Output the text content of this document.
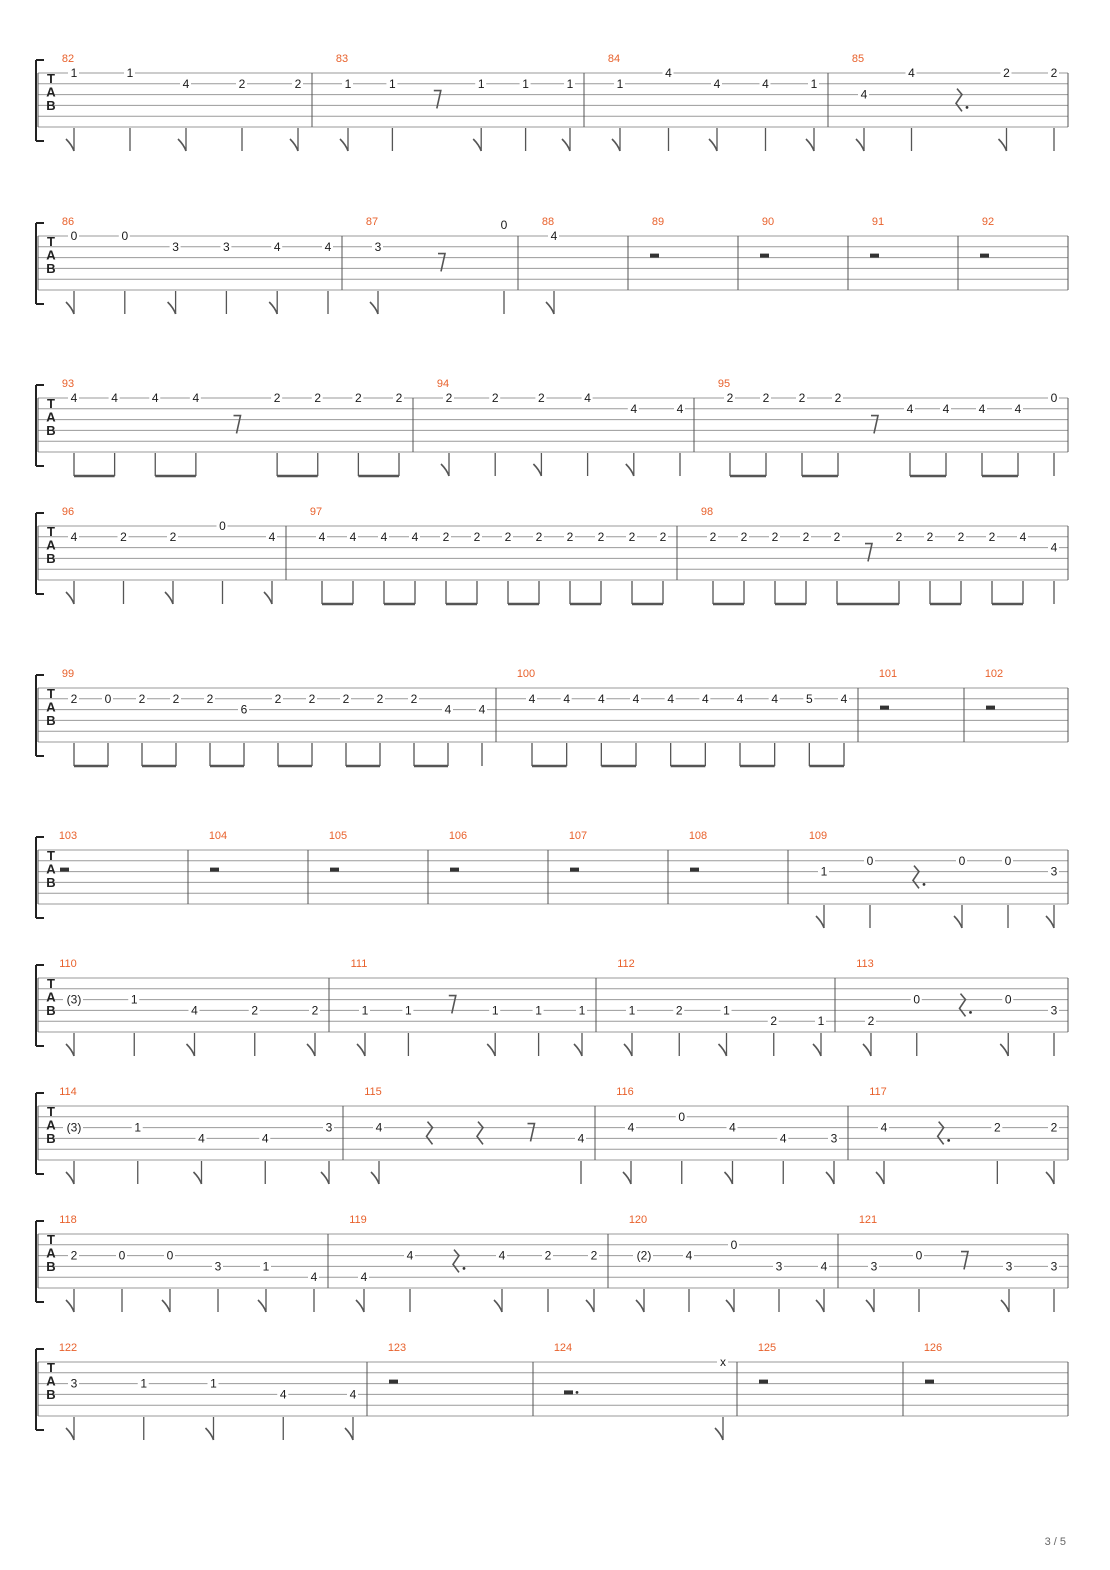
T
A
B
82
1	1
4	2	2
83
1	1	1	1	1
84
1
4
4	4	1
85
4
4	2	2
T
A
B
86
0	0
3	3	4	4
87
3
0	88
4
89	90	91	92
T
A
B
93
4	4	4	4	2	2	2	2
94
2	2	2	4
4	4
95
2 2 2 2
4 4 4 4
0
T
A
B
96
4	2	2
0
4
97
4 4 4 4 2 2 2 2 2 2 2 2
98
2 2 2 2 2	2 2 2 2 4
4
T
A
B
99
2 0 2 2 2
6
2 2 2 2 2
4 4
100
4 4 4 4 4 4 4 4 5 4
101	102
T
A
B
103	104	105	106	107	108	109
1
0	0	0
3
T
A
B
110
(3)	1
4	2	2
111
1	1	1	1	1
112
1	2	1
2	1
113
2
0	0
3
T
A
B
114
(3)	1
4	4
3
115
4
4
116
4
0
4
4	3
117
4	2	2
T
A
B
118
2	0	0
3	1
4
119
4
4	4	2	2
120
(2)	4
0
3	4
121
3
0
3	3
T
A
B
122
3	1	1
4	4
123	124
x
125	126
3 / 5
